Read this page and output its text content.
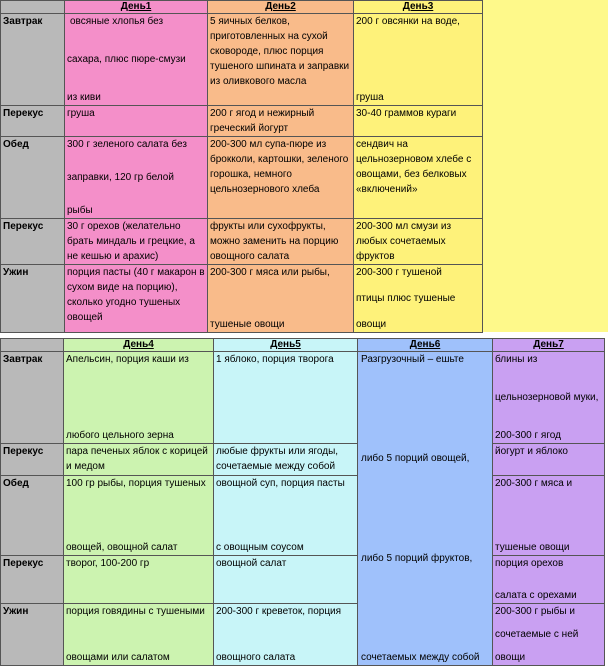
	День1	День2	День3
Завтрак	овсяные хлопья без
сахара, плюс пюре-смузи
из киви	5 яичных белков, приготовленных на сухой сковороде, плюс порция тушеного шпината и заправки из оливкового масла	200 г овсянки на воде,
груша

Перекус	груша	200 г ягод и нежирный греческий йогурт	30-40 граммов кураги
Обед	300 г зеленого салата без
заправки, 120 гр белой
рыбы	200-300 мл супа-пюре из брокколи, картошки, зеленого горошка, немного цельнозернового хлеба	сендвич на цельнозерновом хлебе с овощами, без белковых «включений»
Перекус	30 г орехов (желательно брать миндаль и грецкие, а не кешью и арахис)	фрукты или сухофрукты, можно заменить на порцию овощного салата	200-300 мл смузи из любых сочетаемых фруктов
Ужин	порция пасты (40 г макарон в сухом виде на порцию), сколько угодно тушеных овощей	200-300 г мяса или рыбы,
тушеные овощи	200-300 г тушеной
птицы плюс тушеные
овощи
	День4	День5	День6	День7
Завтрак	Апельсин, порция каши из
любого цельного зерна	1 яблоко, порция творога	Разгрузочный – ешьте
либо 5 порций овощей,
либо 5 порций фруктов,
сочетаемых между собой	блины из
цельнозерновой муки,
200-300 г ягод

Перекус	пара печеных яблок с корицей и медом	любые фрукты или ягоды, сочетаемые между собой		йогурт и яблоко
Обед	100 гр рыбы, порция тушеных
овощей, овощной салат	овощной суп, порция пасты
с овощным соусом		200-300 г мяса и
тушеные овощи

Перекус	творог, 100-200 гр	овощной салат		порция орехов
салата с орехами

Ужин	порция говядины с тушеными
овощами или салатом	200-300 г креветок, порция
овощного салата		200-300 г рыбы и
сочетаемые с ней
овощи
